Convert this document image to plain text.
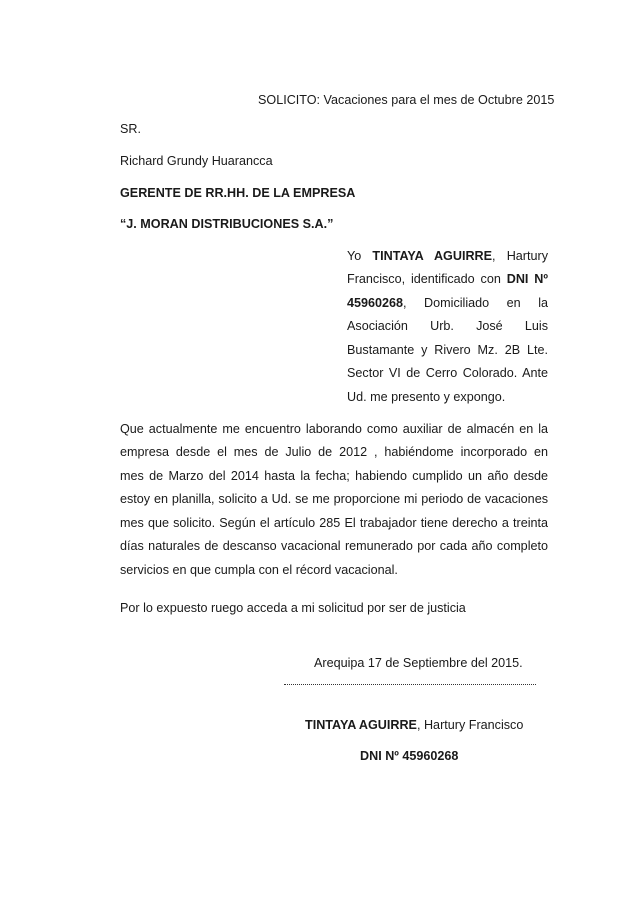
SOLICITO: Vacaciones para el mes de Octubre 2015
SR.
Richard Grundy Huarancca
GERENTE DE RR.HH. DE LA EMPRESA
“J. MORAN DISTRIBUCIONES S.A.”
Yo TINTAYA AGUIRRE, Hartury
Francisco, identificado con DNI Nº
45960268, Domiciliado en la
Asociación Urb. José Luis
Bustamante y Rivero Mz. 2B Lte.
Sector VI de Cerro Colorado. Ante
Ud. me presento y expongo.
Que actualmente me encuentro laborando como auxiliar de almacén en la
empresa desde el mes de Julio de 2012 , habiéndome incorporado en
mes de Marzo del 2014 hasta la fecha; habiendo cumplido un año desde
estoy en planilla, solicito a Ud. se me proporcione mi periodo de vacaciones
mes que solicito. Según el artículo 285 El trabajador tiene derecho a treinta
días naturales de descanso vacacional remunerado por cada año completo
servicios en que cumpla con el récord vacacional.
Por lo expuesto ruego acceda a mi solicitud por ser de justicia
Arequipa 17 de Septiembre del 2015.
TINTAYA AGUIRRE, Hartury Francisco
DNI Nº 45960268
